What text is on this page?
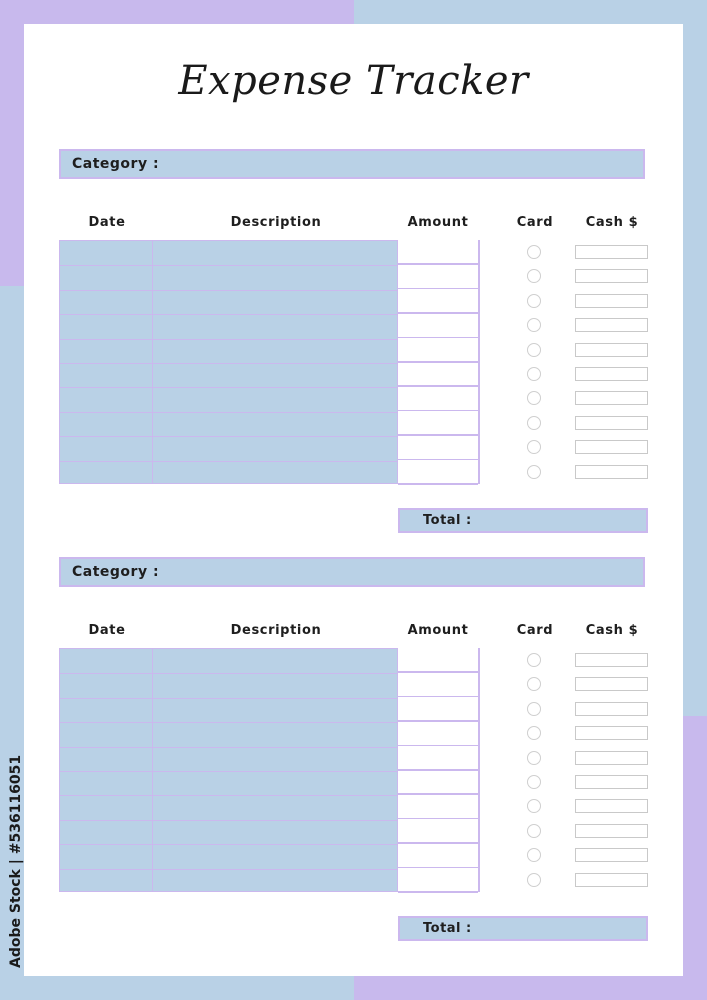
Expense Tracker
Category :
Date	Description	Amount	Card	Cash $
Total :
Category :
Date	Description	Amount	Card	Cash $
Total :
Adobe Stock | #536116051
